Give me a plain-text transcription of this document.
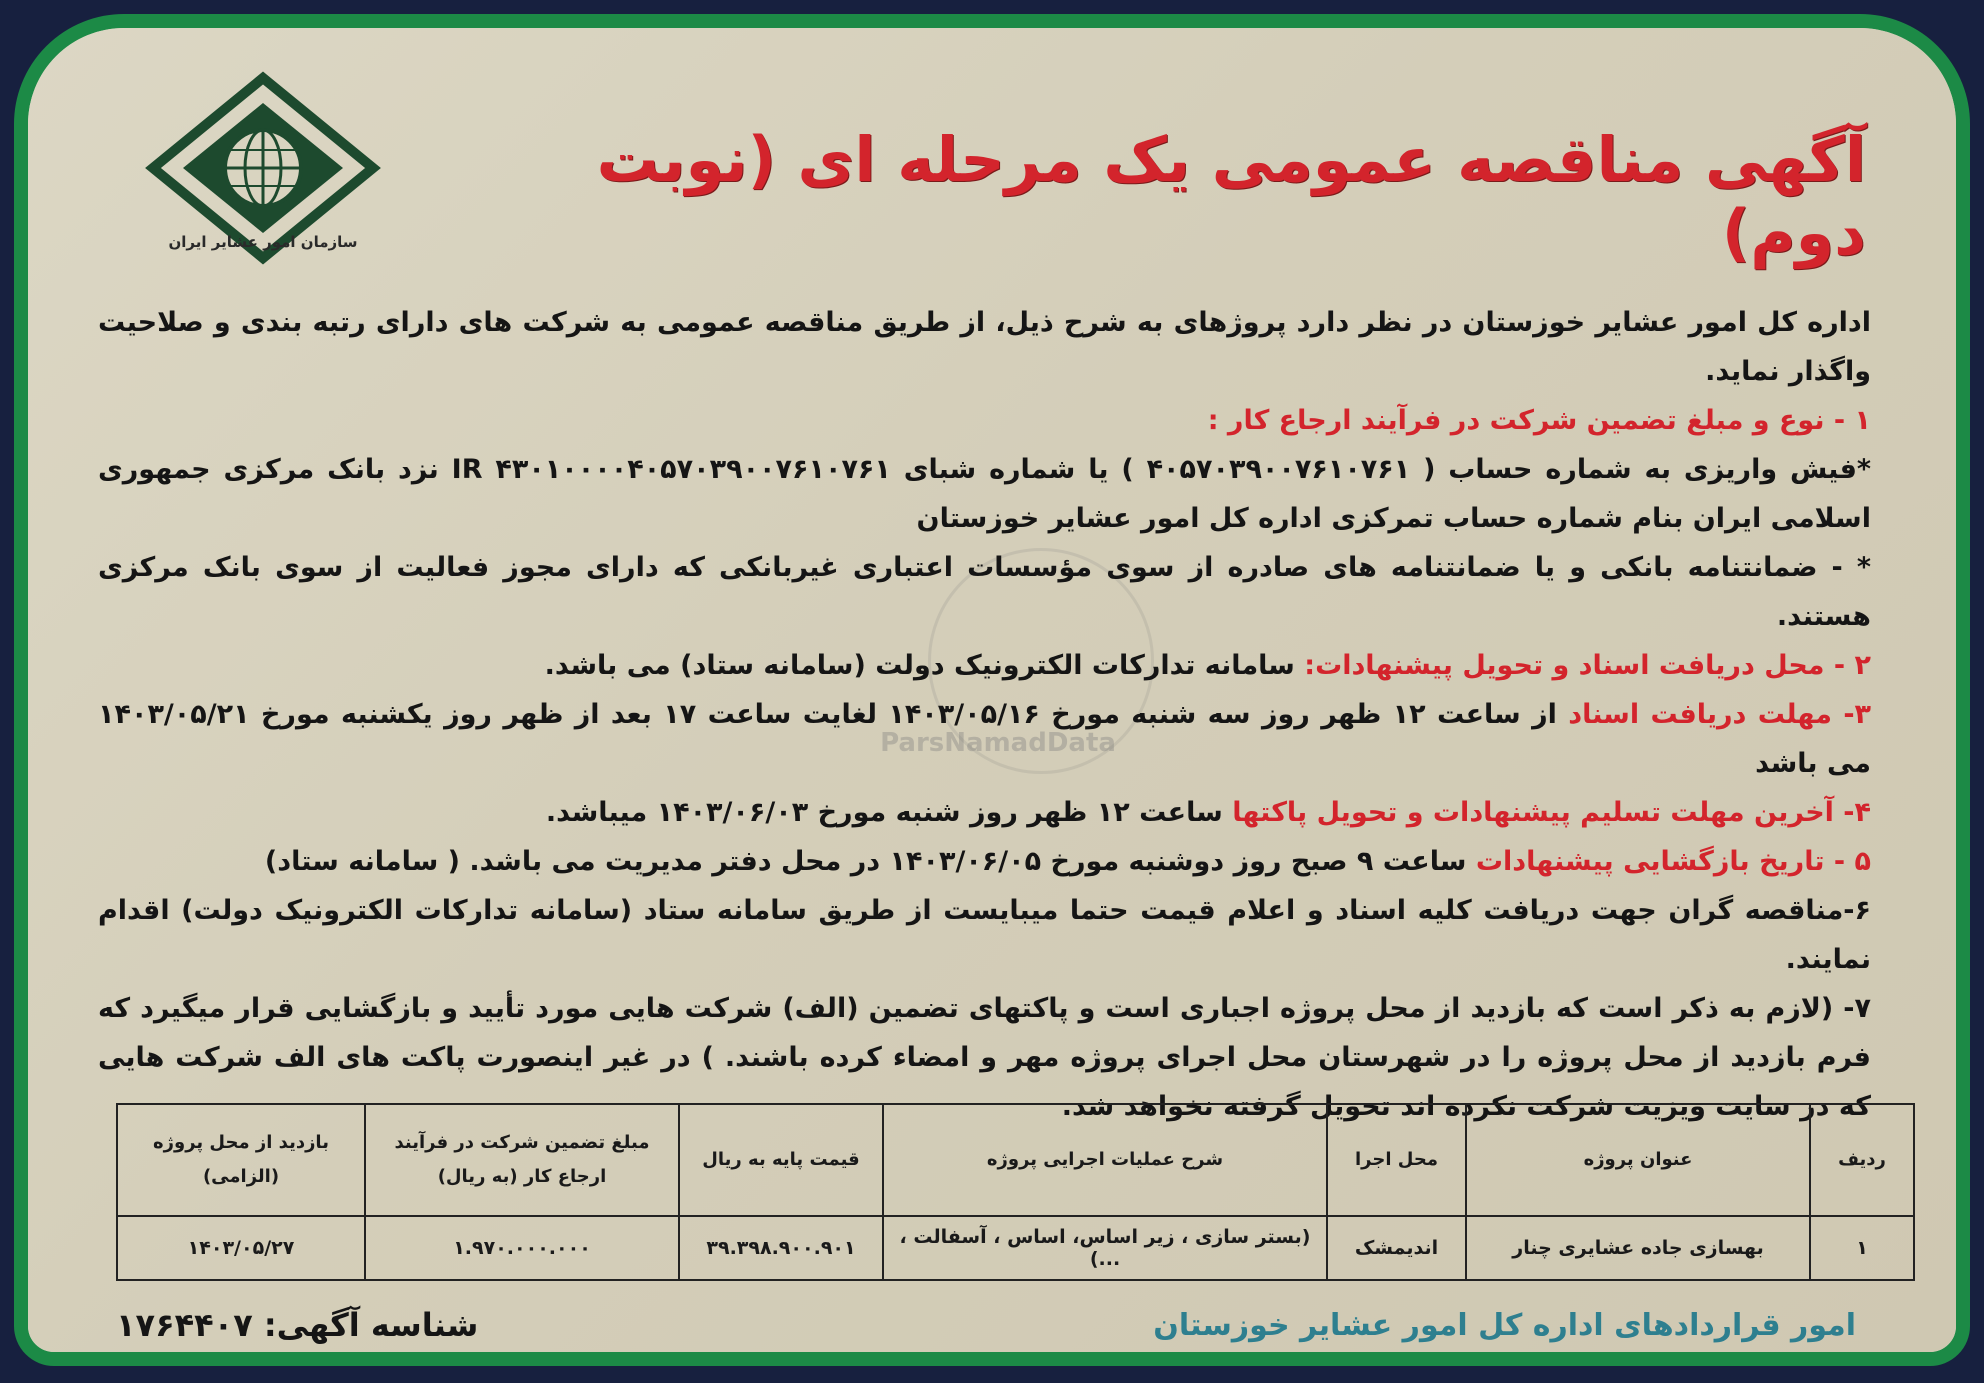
ParsNamadData
سازمان امور عشایر ایران
آگهی مناقصه عمومی یک مرحله ای (نوبت دوم)

اداره کل امور عشایر خوزستان در نظر دارد پروژهای به شرح ذیل، از طریق مناقصه عمومی به شرکت های دارای رتبه بندی و صلاحیت واگذار نماید.

۱ - نوع و مبلغ تضمین شرکت در فرآیند ارجاع کار :

*فیش واریزی به شماره حساب ( ۴۰۵۷۰۳۹۰۰۷۶۱۰۷۶۱ ) یا شماره شبای IR ۴۳۰۱۰۰۰۰۴۰۵۷۰۳۹۰۰۷۶۱۰۷۶۱ نزد بانک مرکزی جمهوری اسلامی ایران بنام شماره حساب تمرکزی اداره کل امور عشایر خوزستان

* - ضمانتنامه بانکی و یا ضمانتنامه های صادره از سوی مؤسسات اعتباری غیربانکی که دارای مجوز فعالیت از سوی بانک مرکزی هستند.

۲ - محل دریافت اسناد و تحویل پیشنهادات: سامانه تدارکات الکترونیک دولت (سامانه ستاد) می باشد.

۳- مهلت دریافت اسناد از ساعت ۱۲ ظهر روز سه شنبه مورخ ۱۴۰۳/۰۵/۱۶ لغایت ساعت ۱۷ بعد از ظهر روز یکشنبه مورخ ۱۴۰۳/۰۵/۲۱ می باشد

۴- آخرین مهلت تسلیم پیشنهادات و تحویل پاکتها ساعت ۱۲ ظهر روز شنبه مورخ ۱۴۰۳/۰۶/۰۳ میباشد.

۵ - تاریخ بازگشایی پیشنهادات ساعت ۹ صبح روز دوشنبه مورخ ۱۴۰۳/۰۶/۰۵ در محل دفتر مدیریت می باشد. ( سامانه ستاد)

۶-مناقصه گران جهت دریافت کلیه اسناد و اعلام قیمت حتما میبایست از طریق سامانه ستاد (سامانه تدارکات الکترونیک دولت) اقدام نمایند.

۷- (لازم به ذکر است که بازدید از محل پروژه اجباری است و پاکتهای تضمین (الف) شرکت هایی مورد تأیید و بازگشایی قرار میگیرد که فرم بازدید از محل پروژه را در شهرستان محل اجرای پروژه مهر و امضاء کرده باشند. ) در غیر اینصورت پاکت های الف شرکت هایی که در سایت ویزیت شرکت نکرده اند تحویل گرفته نخواهد شد.

ردیف	عنوان پروژه	محل اجرا	شرح عملیات اجرایی پروژه	قیمت پایه به ریال	مبلغ تضمین شرکت در فرآیند ارجاع کار (به ریال)	بازدید از محل پروژه (الزامی)
۱	بهسازی جاده عشایری چنار	اندیمشک	(بستر سازی ، زیر اساس، اساس ، آسفالت ، ...)	۳۹.۳۹۸.۹۰۰.۹۰۱	۱.۹۷۰.۰۰۰.۰۰۰	۱۴۰۳/۰۵/۲۷
شناسه آگهی: ۱۷۶۴۴۰۷	امور قراردادهای اداره کل امور عشایر خوزستان
